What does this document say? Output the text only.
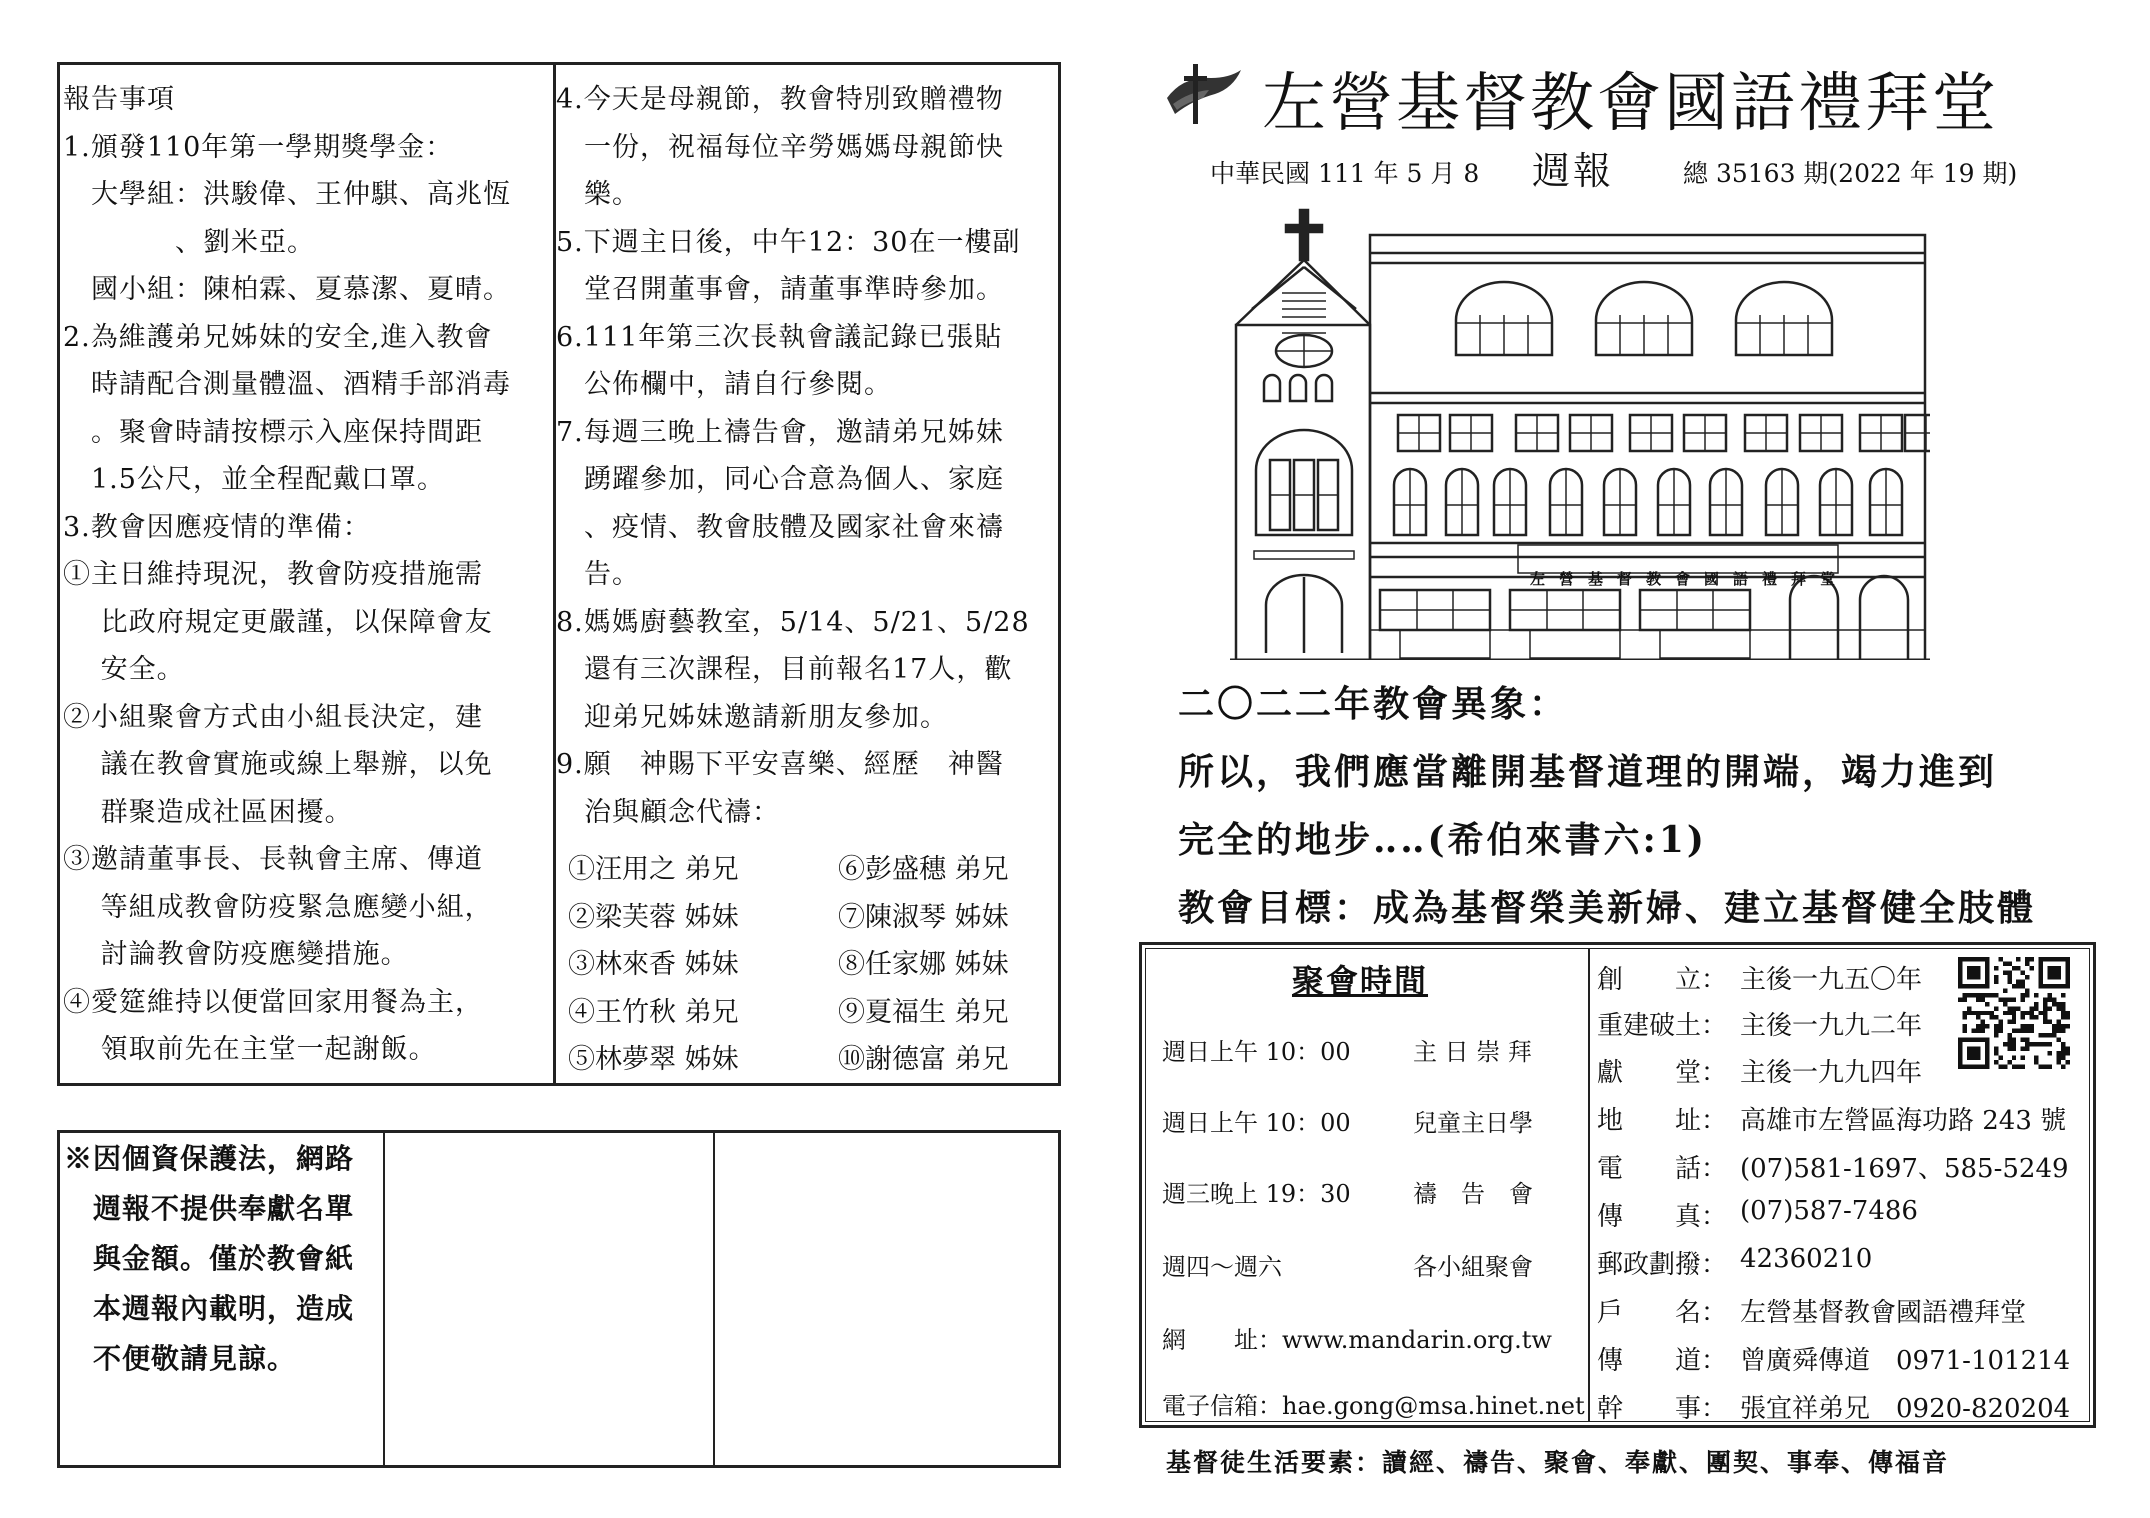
報告事項
1.頒發110年第一學期獎學金：
　大學組：洪駿偉、王仲騏、高兆恆
　　　　、劉米亞。
　國小組：陳柏霖、夏慕潔、夏晴。
2.為維護弟兄姊妹的安全,進入教會
　時請配合測量體溫、酒精手部消毒
　。聚會時請按標示入座保持間距
　1.5公尺，並全程配戴口罩。
3.教會因應疫情的準備：
①主日維持現況，教會防疫措施需
　 比政府規定更嚴謹，以保障會友
　 安全。
②小組聚會方式由小組長決定，建
　 議在教會實施或線上舉辦，以免
　 群聚造成社區困擾。
③邀請董事長、長執會主席、傳道
　 等組成教會防疫緊急應變小組，
　 討論教會防疫應變措施。
④愛筵維持以便當回家用餐為主，
　 領取前先在主堂一起謝飯。
4.今天是母親節，教會特別致贈禮物
　一份，祝福每位辛勞媽媽母親節快
　樂。
5.下週主日後，中午12：30在一樓副
　堂召開董事會，請董事準時參加。
6.111年第三次長執會議記錄已張貼
　公佈欄中，請自行參閱。
7.每週三晚上禱告會，邀請弟兄姊妹
　踴躍參加，同心合意為個人、家庭
　、疫情、教會肢體及國家社會來禱
　告。
8.媽媽廚藝教室，5/14、5/21、5/28
　還有三次課程，目前報名17人，歡
　迎弟兄姊妹邀請新朋友參加。
9.願　神賜下平安喜樂、經歷　神醫
　治與顧念代禱：
①汪用之 弟兄	⑥彭盛穗 弟兄
②梁芙蓉 姊妹	⑦陳淑琴 姊妹
③林來香 姊妹	⑧任家娜 姊妹
④王竹秋 弟兄	⑨夏福生 弟兄
⑤林夢翠 姊妹	⑩謝德富 弟兄
※因個資保護法，網路
　週報不提供奉獻名單
　與金額。僅於教會紙
　本週報內載明，造成
　不便敬請見諒。
左營基督教會國語禮拜堂
中華民國 111 年 5 月 8 週報	總 35163 期(2022 年 19 期)
左營基督教會國語禮拜堂
二〇二二年教會異象：
所以，我們應當離開基督道理的開端，竭力進到
完全的地步‥‥(希伯來書六:1)
教會目標：成為基督榮美新婦、建立基督健全肢體
聚會時間
週日上午 10：00	主 日 崇 拜
週日上午 10：00	兒童主日學
週三晚上 19：30	禱　告　會
週四～週六	各小組聚會
網　　址：www.mandarin.org.tw
電子信箱：hae.gong@msa.hinet.net
創　　立： 主後一九五〇年
重建破土： 主後一九九二年
獻　　堂： 主後一九九四年
地　　址： 高雄市左營區海功路 243 號
電　　話： (07)581-1697、585-5249
傳　　真： (07)587-7486
郵政劃撥： 42360210
戶　　名： 左營基督教會國語禮拜堂
傳　　道： 曾廣舜傳道　0971-101214
幹　　事： 張宜祥弟兄　0920-820204
基督徒生活要素：讀經、禱告、聚會、奉獻、團契、事奉、傳福音
